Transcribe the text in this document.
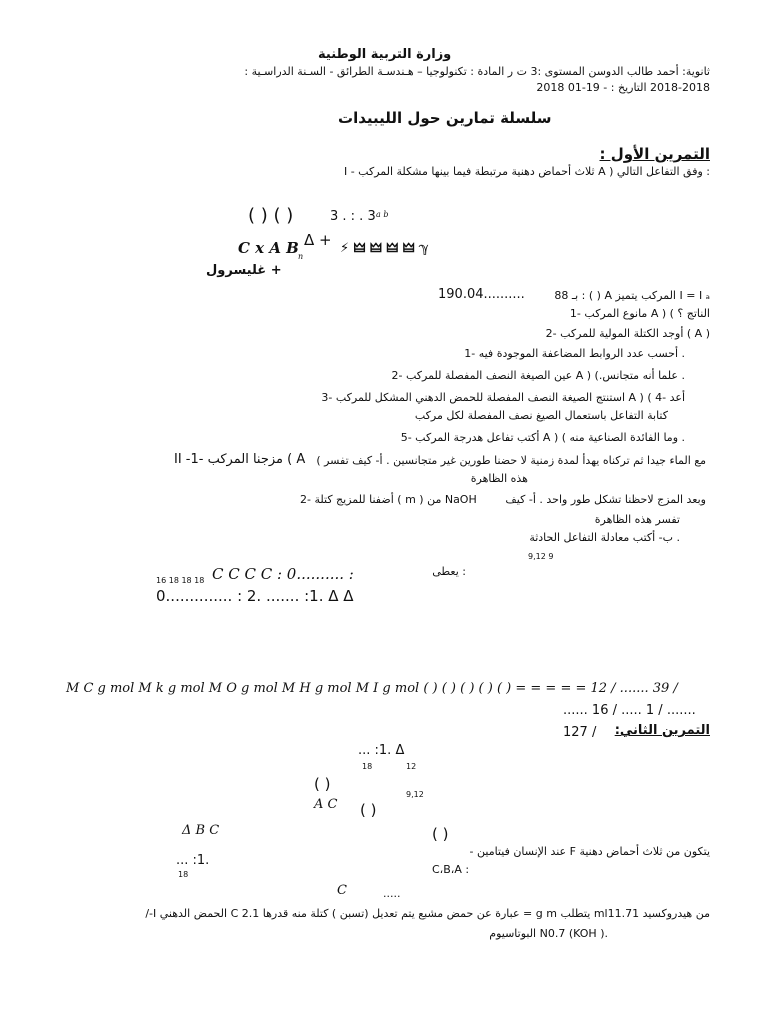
وزارة التربية الوطنية
ثانوية: أحمد طالب الدوسن المستوى :3 ت ر المادة : تكنولوجيا – هـندسـة الطرائق - السـنة الدراسـية :
2018-2018 التاريخ : - 19-01 2018
سلسلة تمارين حول الليبيدات
التمرين الأول :
: وفق التفاعل التالي ( A ثلاث أحماض دهنية مرتبطة فيما بينها مشكلة المركب - I
( ) ( )	3 . : . 3 a b
C x A B n
Δ + ⚡ 🜲 🜲 🜲 🜲 ℽ
غليسرول +
190.04..........	I = I ₐ المركب يتميز A ( ) : بـ 88
الناتج ؟ ) ( A مانوع المركب -1
( A ) أوجد الكتلة المولية للمركب -2
. أحسب عدد الروابط المضاعفة الموجودة فيه -1
. علما أنه متجانس.) ( A عين الصيغة النصف المفصلة للمركب -2
أعد -4 ) ( A استنتج الصيغة النصف المفصلة للحمض الدهني المشكل للمركب -3
كتابة التفاعل باستعمال الصيغ نصف المفصلة لكل مركب
. وما الفائدة الصناعية منه ) ( A أكتب تفاعل هدرجة المركب -5
II -1- مزجنا المركب ( A مع الماء جيدا ثم تركناه يهدأ لمدة زمنية لا حضنا طورين غير متجانسين . أ- كيف تفسر )
هذه الظاهرة
2- أضفنا للمزيج كتلة ( m ) من NaOH	وبعد المزج لاحظنا تشكل طور واحد . أ- كيف
تفسر هذه الظاهرة
. ب- أكتب معادلة التفاعل الحادثة
9,12 9
: يعطى
C C C C : 0.......... :
16 18 18 18
0.............. : 2. ....... :1. Δ Δ
M C g mol M k g mol M O g mol M H g mol M I g mol ( ) ( ) ( ) ( ) ( ) = = = = = 12 / ....... 39 /
...... 16 / ..... 1 / .......
127 / التمرين الثاني:
... :1. Δ
18	12
( )
9,12
A C ( )
Δ B C	( )
يتكون من ثلاث أحماض دهنية F عند الإنسان فيتامين -
C،B،A :
... :1.
18
C	.....
من هيدروكسيد ml11.71 يتطلب g m = عبارة عن حمض مشبع يتم تعديل (تسبن ) كتلة منه قدرها C 2.1 الحمض الدهني I-/
.( KOH) N0.7 البوتاسيوم
